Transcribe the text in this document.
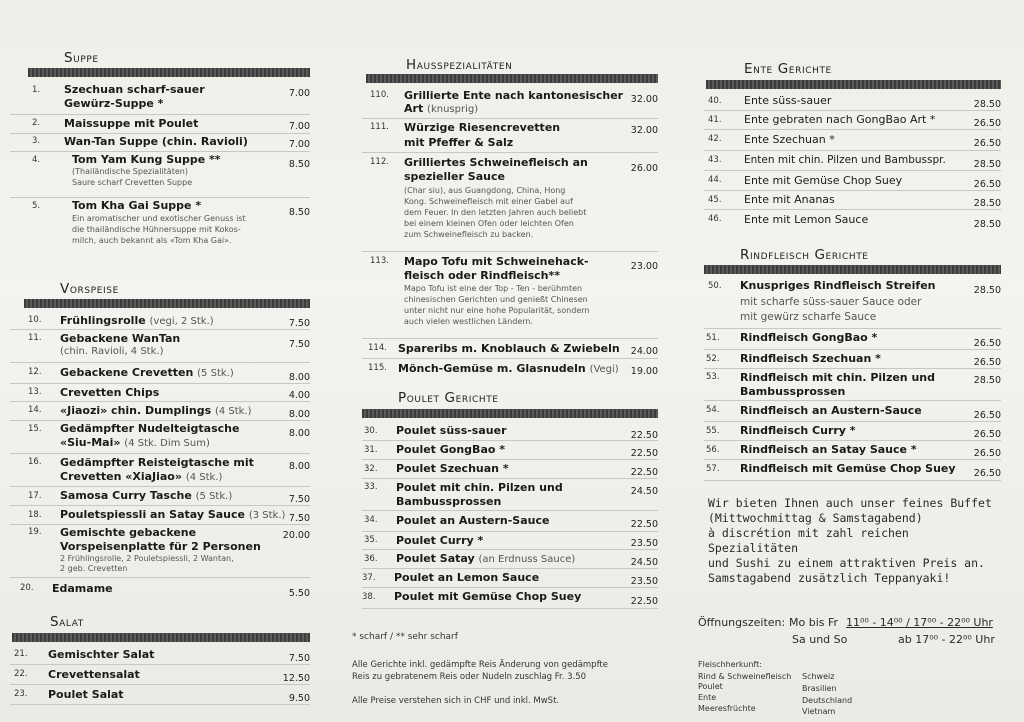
Suppe
1.	Szechuan scharf-sauer
Gewürz-Suppe *
7.00
2.	Maissuppe mit Poulet	7.00
3.	Wan-Tan Suppe (chin. Ravioli)	7.00
4.	Tom Yam Kung Suppe **
(Thailändische Spezialitäten)
Saure scharf Crevetten Suppe
8.50
5.	Tom Kha Gai Suppe *
Ein aromatischer und exotischer Genuss ist
die thailändische Hühnersuppe mit Kokos-
milch, auch bekannt als «Tom Kha Gai».
8.50
Vorspeise
10.	Frühlingsrolle (vegi, 2 Stk.)	7.50
11.	Gebackene WanTan
(chin. Ravioli, 4 Stk.)
7.50
12.	Gebackene Crevetten (5 Stk.)	8.00
13.	Crevetten Chips	4.00
14.	«Jiaozi» chin. Dumplings (4 Stk.)	8.00
15.	Gedämpfter Nudelteigtasche
«Siu-Mai» (4 Stk. Dim Sum)
8.00
16.	Gedämpfter Reisteigtasche mit
Crevetten «XiaJiao» (4 Stk.)
8.00
17.	Samosa Curry Tasche (5 Stk.)	7.50
18.	Pouletspiessli an Satay Sauce (3 Stk.) 7.50
19.	Gemischte gebackene
Vorspeisenplatte für 2 Personen
2 Frühlingsrolle, 2 Pouletspiessli, 2 Wantan,
2 geb. Crevetten
20.00
20.	Edamame	5.50
Salat
21.	Gemischter Salat	7.50
22.	Crevettensalat	12.50
23.	Poulet Salat	9.50
Hausspezialitäten
110.	Grillierte Ente nach kantonesischer
Art (knusprig)
32.00
111.	Würzige Riesencrevetten
mit Pfeffer & Salz
32.00
112.	Grilliertes Schweinefleisch an
spezieller Sauce
(Char siu), aus Guangdong, China, Hong
Kong. Schweinefleisch mit einer Gabel auf
dem Feuer. In den letzten Jahren auch beliebt
bei einem kleinen Ofen oder leichten Ofen
zum Schweinefleisch zu backen.
26.00
113.	Mapo Tofu mit Schweinehack-
fleisch oder Rindfleisch**
Mapo Tofu ist eine der Top - Ten - berühmten
chinesischen Gerichten und genießt Chinesen
unter nicht nur eine hohe Popularität, sondern
auch vielen westlichen Ländern.
23.00
114.	Spareribs m. Knoblauch & Zwiebeln	24.00
115.	Mönch-Gemüse m. Glasnudeln (Vegi)	19.00
Poulet Gerichte
30.	Poulet süss-sauer	22.50
31.	Poulet GongBao *	22.50
32.	Poulet Szechuan *	22.50
33.	Poulet mit chin. Pilzen und
Bambussprossen
24.50
34.	Poulet an Austern-Sauce	22.50
35.	Poulet Curry *	23.50
36.	Poulet Satay (an Erdnuss Sauce)	24.50
37.	Poulet an Lemon Sauce	23.50
38.	Poulet mit Gemüse Chop Suey	22.50
* scharf / ** sehr scharf
Alle Gerichte inkl. gedämpfte Reis Änderung von gedämpfte
Reis zu gebratenem Reis oder Nudeln zuschlag Fr. 3.50
Alle Preise verstehen sich in CHF und inkl. MwSt.
Ente Gerichte
40.	Ente süss-sauer	28.50
41.	Ente gebraten nach GongBao Art *	26.50
42.	Ente Szechuan *	26.50
43.	Enten mit chin. Pilzen und Bambusspr.	28.50
44.	Ente mit Gemüse Chop Suey	26.50
45.	Ente mit Ananas	28.50
46.	Ente mit Lemon Sauce	28.50
Rindfleisch Gerichte
50.	Knuspriges Rindfleisch Streifen
mit scharfe süss-sauer Sauce oder
mit gewürz scharfe Sauce
28.50
51.	Rindfleisch GongBao *	26.50
52.	Rindfleisch Szechuan *	26.50
53.	Rindfleisch mit chin. Pilzen und
Bambussprossen
28.50
54.	Rindfleisch an Austern-Sauce	26.50
55.	Rindfleisch Curry *	26.50
56.	Rindfleisch an Satay Sauce *	26.50
57.	Rindfleisch mit Gemüse Chop Suey	26.50
Wir bieten Ihnen auch unser feines Buffet
(Mittwochmittag & Samstagabend)
à discrétion mit zahl reichen Spezialitäten
und Sushi zu einem attraktiven Preis an.
Samstagabend zusätzlich Teppanyaki!
Öffnungszeiten: Mo bis Fr 11⁰⁰ - 14⁰⁰ / 17⁰⁰ - 22⁰⁰ Uhr
Sa und So	ab 17⁰⁰ - 22⁰⁰ Uhr
Fleischherkunft:
Rind & Schweinefleisch Schweiz
Poulet	Brasilien
Ente	Deutschland
Meeresfrüchte	Vietnam
